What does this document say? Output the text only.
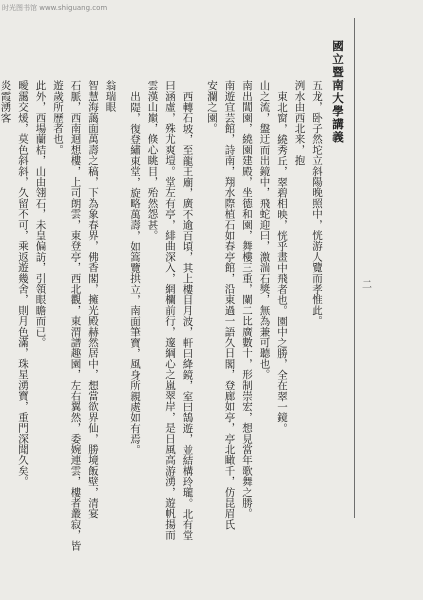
时光图书馆 www.shiguang.com
國立暨南大學講義
二
五龙，卧子然坨立斜陽晚照中，恍游人覽而孝惟此。
洌水由西北来，抱
東北窗，繞秀丘，翠碧相映，恍乎畫中飛者也。園中之勝，全在翠一鏡。
山之流，盤迂而出鏡中，飛蛇迎曰，激湍石獎，無為兼可聽也。
南出閶園，繞園建殿，坐德和園，舞樓三重，闌二比廣數十，形制崇宏，想見當年歌舞之勝。
南遊宜芸館，詩南，翔水際植石如春亭館，沿東過一語久日閣，登廊如亭，亭北瞰千，仿昆眉氏
安瀾之園。
西轉石坡，至龍王廟，廣不逾百頃，其上樓目月波，軒曰絳鏡，室曰鵠遊，並結構玲瓏。北有堂
曰涵虛，殊尤爽塏。堂左有亭，緋曲深入，網欄前行，邃綱心之嵐翠岸，是日風高游湧，遊帆揚而
雲漢山巔，倏心眺目，殆然怨甚。
出隄，復登繡東堂，旋略萬壽，如篙覽拱立，南面筆寶，風身所親處如有焉。
翁瑞眼
智慧海藹面萬壽之稿，下為象春界，佛香閣，擁光殿赫然居中，想當欲界仙，勝境飯壁，清宴
石脈，西南迴想樓，上司朗雲，東登亭，西北觀，東渭譜趣園，左右翼然，委婉連雲，樓者叢寂，皆
遊歲所歷者也。
此外，西場蘭桔，山由翎石，未皇偏訪，引領眼瞻而已。
曖靄交煖，莫色斜斜，久留不可，乘返遊幾舍，則月色滿，珠星湧寶，重門深聞久矣。
炎霞湧客
